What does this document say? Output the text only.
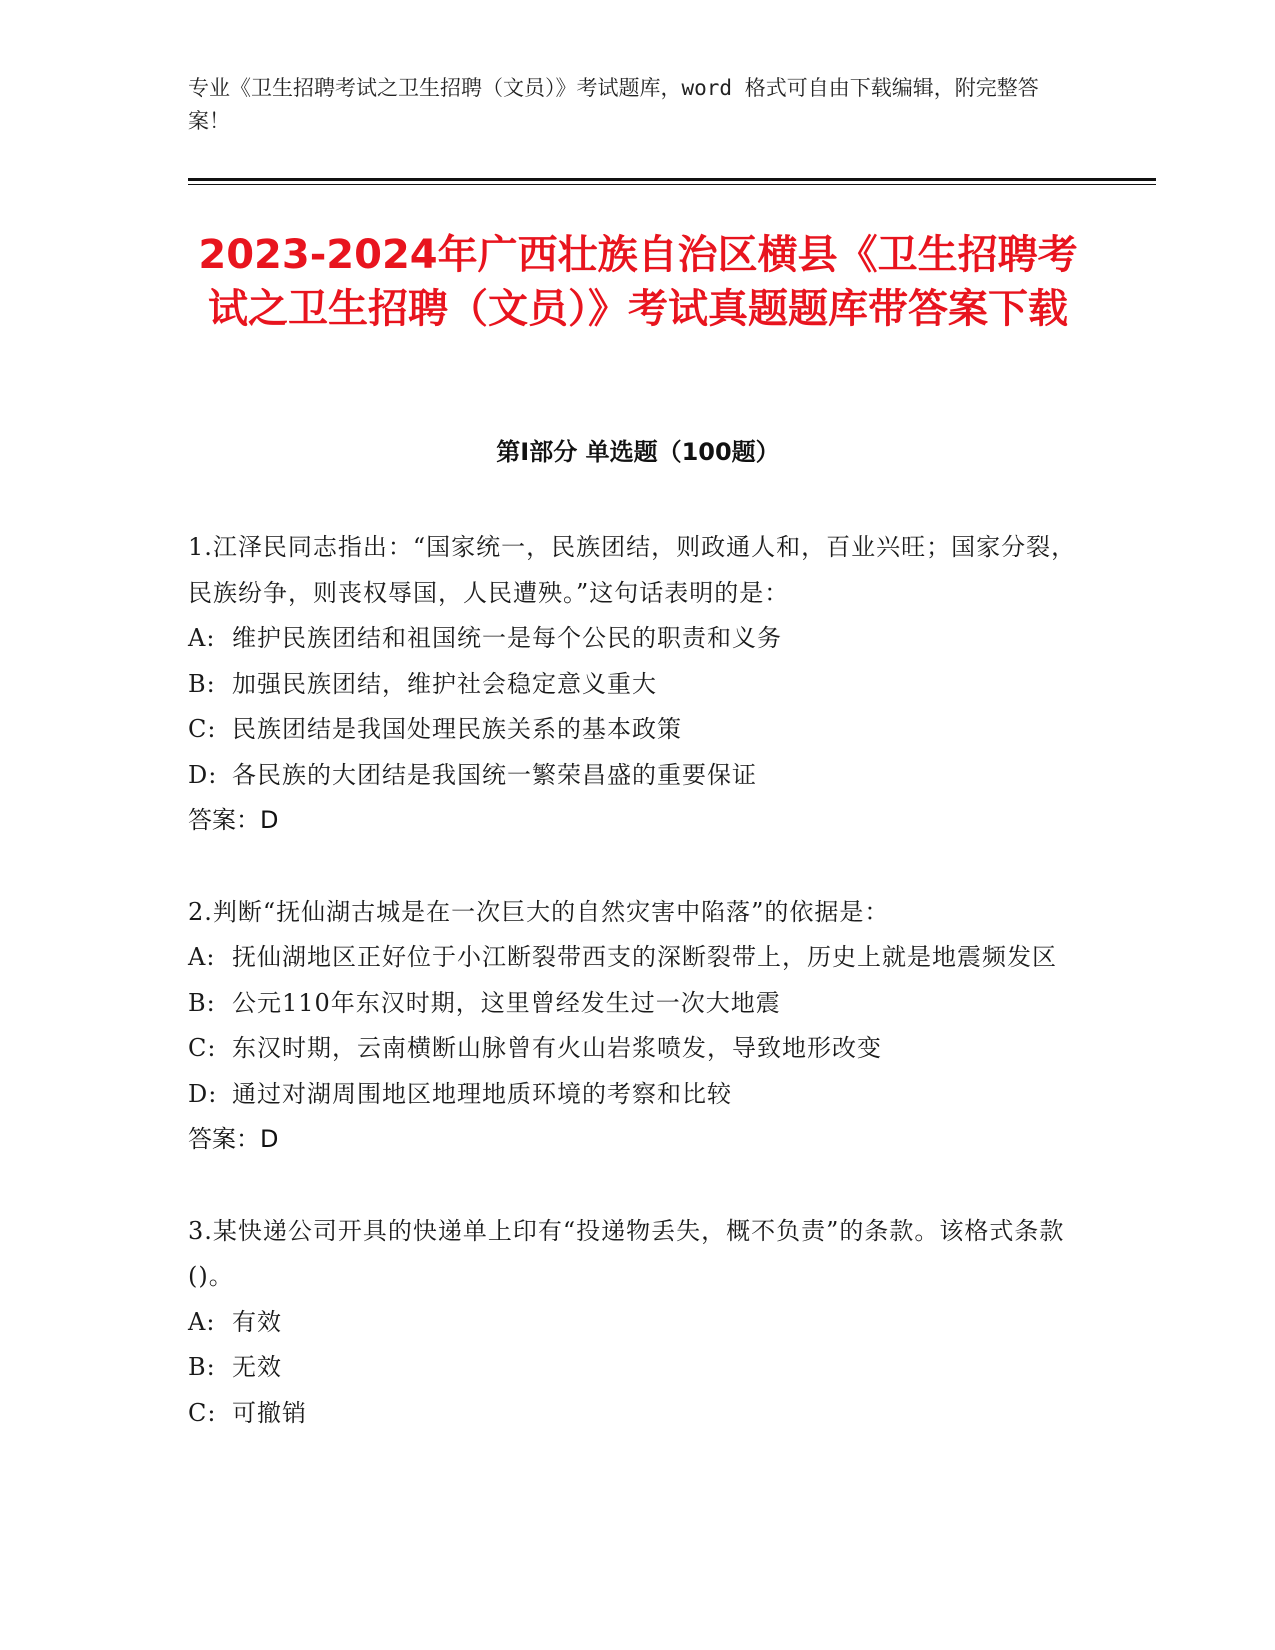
专业《卫生招聘考试之卫生招聘（文员）》考试题库，word 格式可自由下载编辑，附完整答案！
2023-2024年广西壮族自治区横县《卫生招聘考试之卫生招聘（文员）》考试真题题库带答案下载
第Ⅰ部分 单选题（100题）
1.江泽民同志指出：“国家统一，民族团结，则政通人和，百业兴旺；国家分裂，民族纷争，则丧权辱国，人民遭殃。”这句话表明的是：
A: 维护民族团结和祖国统一是每个公民的职责和义务
B: 加强民族团结，维护社会稳定意义重大
C: 民族团结是我国处理民族关系的基本政策
D: 各民族的大团结是我国统一繁荣昌盛的重要保证
答案：D
2.判断“抚仙湖古城是在一次巨大的自然灾害中陷落”的依据是：
A: 抚仙湖地区正好位于小江断裂带西支的深断裂带上，历史上就是地震频发区
B: 公元110年东汉时期，这里曾经发生过一次大地震
C: 东汉时期，云南横断山脉曾有火山岩浆喷发，导致地形改变
D: 通过对湖周围地区地理地质环境的考察和比较
答案：D
3.某快递公司开具的快递单上印有“投递物丢失，概不负责”的条款。该格式条款()。
A: 有效
B: 无效
C: 可撤销
